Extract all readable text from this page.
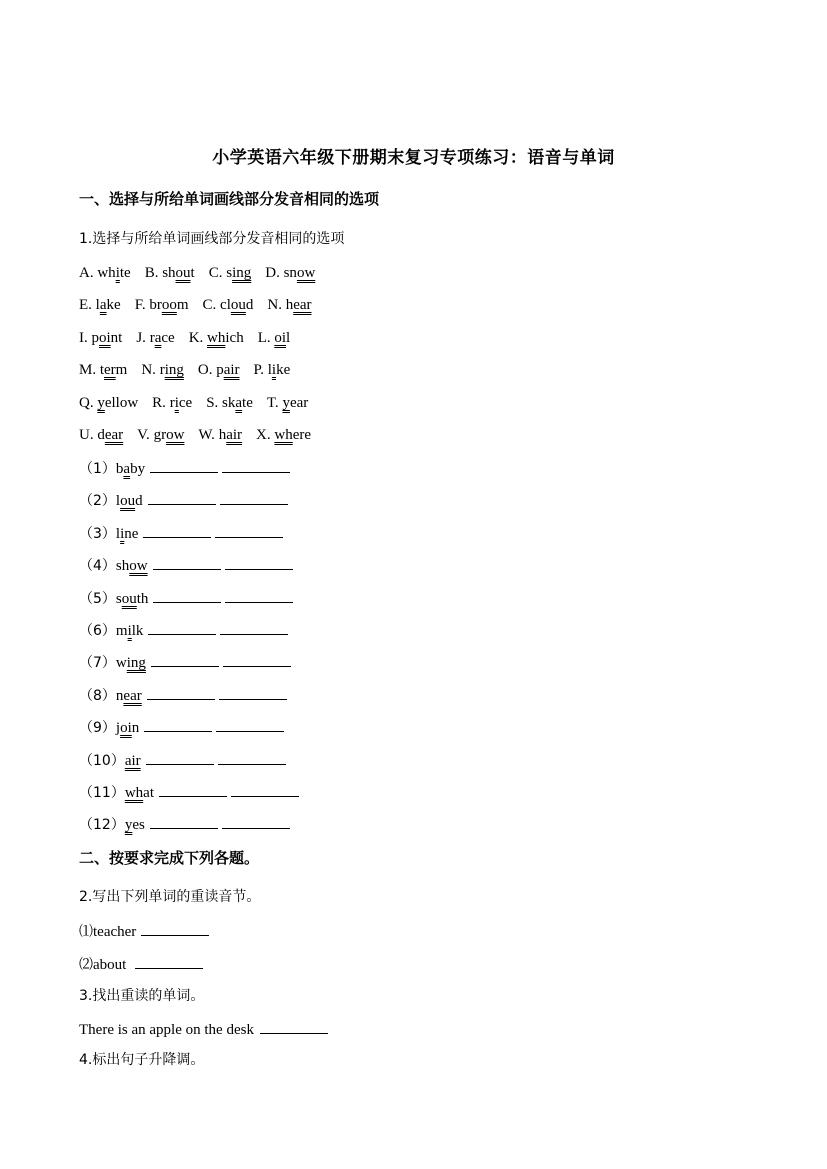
小学英语六年级下册期末复习专项练习：语音与单词
一、选择与所给单词画线部分发音相同的选项
1.选择与所给单词画线部分发音相同的选项
A. white B. shout C. sing D. snow
E. lake F. broom C. cloud N. hear
I. point J. race K. which L. oil
M. term N. ring O. pair P. like
Q. yellow R. rice S. skate T. year
U. dear V. grow W. hair X. where
（1）baby
（2）loud
（3）line
（4）show
（5）south
（6）milk
（7）wing
（8）near
（9）join
（10）air
（11）what
（12）yes
二、按要求完成下列各题。
2.写出下列单词的重读音节。
⑴teacher
⑵about
3.找出重读的单词。
There is an apple on the desk
4.标出句子升降调。
